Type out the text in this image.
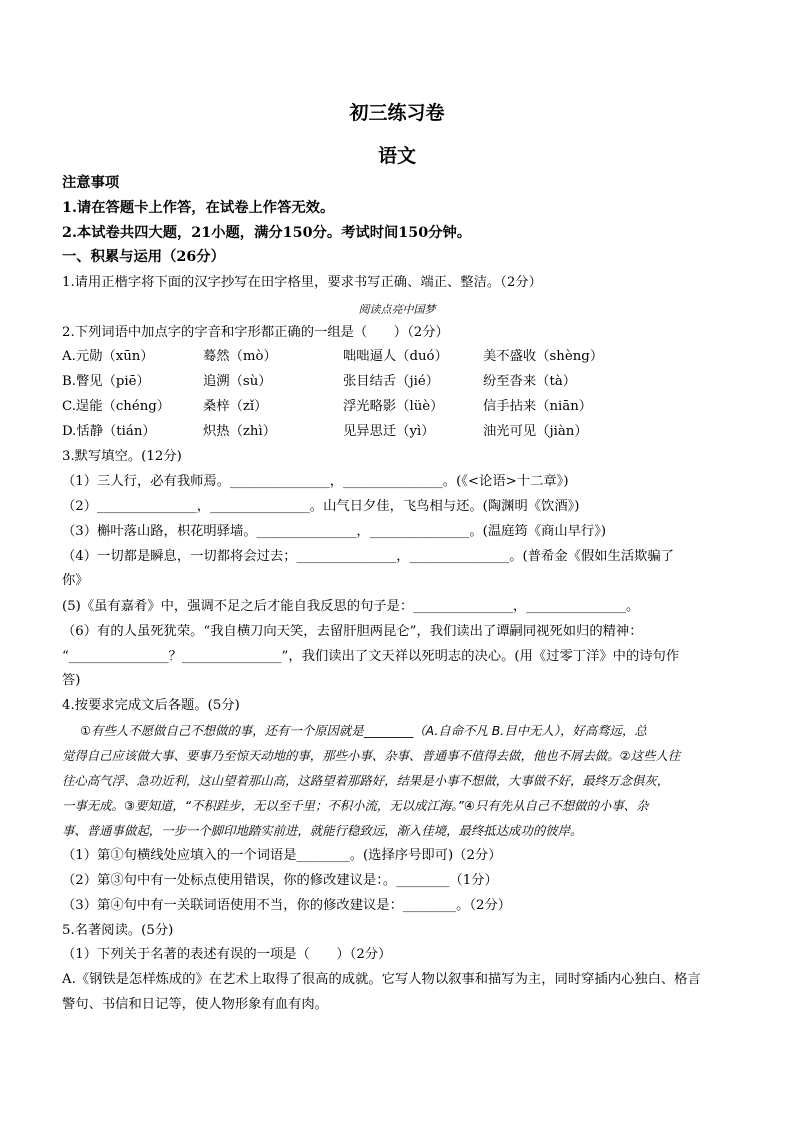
初三练习卷
语文
注意事项
1.请在答题卡上作答，在试卷上作答无效。
2.本试卷共四大题，21小题，满分150分。考试时间150分钟。
一、积累与运用（26分）
1.请用正楷字将下面的汉字抄写在田字格里，要求书写正确、端正、整洁。（2分）
阅读点亮中国梦
2.下列词语中加点字的字音和字形都正确的一组是（　　）（2分）
A.元勋（xūn）	蓦然（mò）	咄咄逼人（duó）	美不盛收（shèng）
B.瞥见（piē）	追溯（sù）	张目结舌（jié）	纷至沓来（tà）
C.逞能（chéng） 桑梓（zǐ）	浮光略影（lüè）	信手拈来（niān）
D.恬静（tián）	炽热（zhì）	见异思迁（yì）	油光可见（jiàn）
3.默写填空。(12分)
（1）三人行，必有我师焉。_______________，_______________。(《<论语>十二章》)
（2）_______________，_______________。山气日夕佳，飞鸟相与还。(陶渊明《饮酒》)
（3）槲叶落山路，枳花明驿墙。_______________，_______________。(温庭筠《商山早行》)
（4）一切都是瞬息，一切都将会过去；_______________，_______________。(普希金《假如生活欺骗了
你》
(5)《虽有嘉肴》中，强调不足之后才能自我反思的句子是：_______________，_______________。
（6）有的人虽死犹荣。“我自横刀向天笑，去留肝胆两昆仑”，我们读出了谭嗣同视死如归的精神：
“_______________？_______________”，我们读出了文天祥以死明志的决心。(用《过零丁洋》中的诗句作
答)
4.按要求完成文后各题。(5分)
①有些人不愿做自己不想做的事，还有一个原因就是________（A.自命不凡 B.目中无人），好高骛远，总
觉得自己应该做大事、要事乃至惊天动地的事，那些小事、杂事、普通事不值得去做，他也不屑去做。②这些人往
往心高气浮、急功近利，这山望着那山高，这路望着那路好，结果是小事不想做，大事做不好，最终万念俱灰，
一事无成。③要知道，“不积跬步，无以至千里；不积小流，无以成江海。”④只有先从自己不想做的小事、杂
事、普通事做起，一步一个脚印地踏实前进，就能行稳致远，渐入佳境，最终抵达成功的彼岸。
（1）第①句横线处应填入的一个词语是________。(选择序号即可)（2分）
（2）第③句中有一处标点使用错误，你的修改建议是：。________（1分）
（3）第④句中有一关联词语使用不当，你的修改建议是：________。（2分）
5.名著阅读。(5分)
（1）下列关于名著的表述有误的一项是（　　）（2分）
A.《钢铁是怎样炼成的》在艺术上取得了很高的成就。它写人物以叙事和描写为主，同时穿插内心独白、格言
警句、书信和日记等，使人物形象有血有肉。
